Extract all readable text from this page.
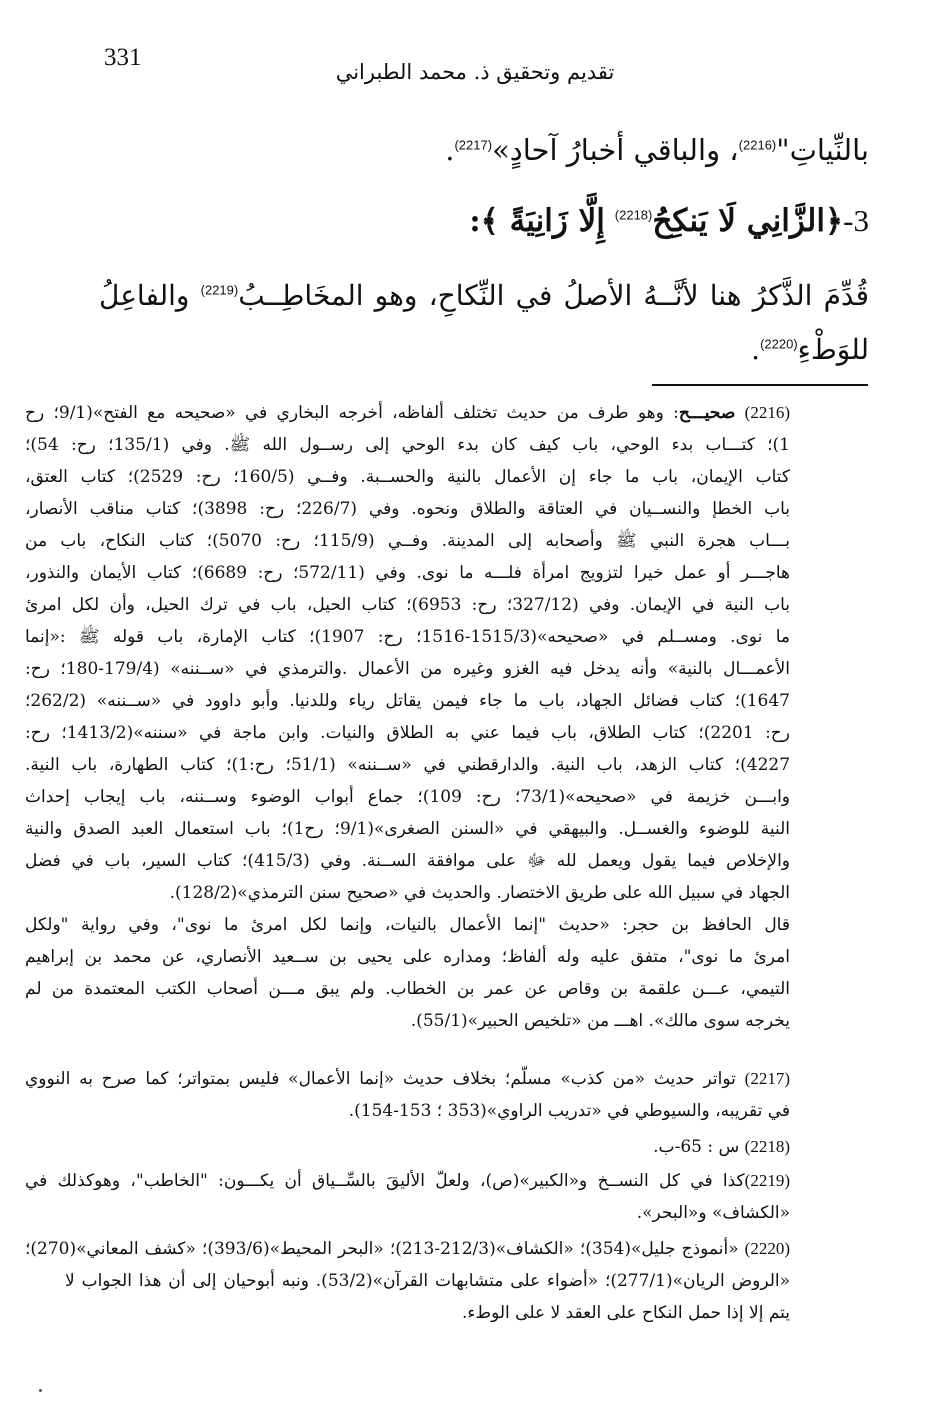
331
تقديم وتحقيق ذ. محمد الطبراني
بالنِّياتِ"$^{(2216)}$، والباقي أخبارُ آحادٍ»$^{(2217)}$.
3-﴿الزَّانِي لَا يَنكِحُ$^{(2218)}$ إِلَّا زَانِيَةً ﴾:
قُدِّمَ الذَّكرُ هنا لأنَّــهُ الأصلُ في النِّكاحِ، وهو المخَاطِــبُ$^{(2219)}$ والفاعِلُ
للوَطْءِ$^{(2220)}$.
(2216) صحيـــح: وهو طرف من حديث تختلف ألفاظه، أخرجه البخاري في «صحيحه مع الفتح»(9/1؛ رح
1)؛ كتـــاب بدء الوحي، باب كيف كان بدء الوحي إلى رســول الله ﷺ. وفي (135/1؛ رح: 54)؛
كتاب الإيمان، باب ما جاء إن الأعمال بالنية والحســبة. وفــي (160/5؛ رح: 2529)؛ كتاب العتق،
باب الخطإ والنســيان في العتاقة والطلاق ونحوه. وفي (226/7؛ رح: 3898)؛ كتاب مناقب الأنصار،
بـــاب هجرة النبي ﷺ وأصحابه إلى المدينة. وفــي (115/9؛ رح: 5070)؛ كتاب النكاح، باب من
هاجـــر أو عمل خيرا لتزويج امرأة فلـــه ما نوى. وفي (572/11؛ رح: 6689)؛ كتاب الأيمان والنذور،
باب النية في الإيمان. وفي (327/12؛ رح: 6953)؛ كتاب الحيل، باب في ترك الحيل، وأن لكل امرئ
ما نوى. ومســلم في «صحيحه»(1515/3-1516؛ رح: 1907)؛ كتاب الإمارة، باب قوله ﷺ :«إنما
الأعمـــال بالنية» وأنه يدخل فيه الغزو وغيره من الأعمال .والترمذي في «ســننه» (179/4-180؛ رح:
1647)؛ كتاب فضائل الجهاد، باب ما جاء فيمن يقاتل رياء وللدنيا. وأبو داوود في «ســننه» (262/2؛
رح: 2201)؛ كتاب الطلاق، باب فيما عني به الطلاق والنيات. وابن ماجة في «سننه»(1413/2؛ رح:
4227)؛ كتاب الزهد، باب النية. والدارقطني في «ســننه» (51/1؛ رح:1)؛ كتاب الطهارة، باب النية.
وابـــن خزيمة في «صحيحه»(73/1؛ رح: 109)؛ جماع أبواب الوضوء وســننه، باب إيجاب إحداث
النية للوضوء والغســل. والبيهقي في «السنن الصغرى»(9/1؛ رح1)؛ باب استعمال العبد الصدق والنية
والإخلاص فيما يقول ويعمل لله ﷻ على موافقة الســنة. وفي (415/3)؛ كتاب السير، باب في فضل
الجهاد في سبيل الله على طريق الاختصار. والحديث في «صحيح سنن الترمذي»(128/2).
قال الحافظ بن حجر: «حديث "إنما الأعمال بالنيات، وإنما لكل امرئ ما نوى"، وفي رواية "ولكل
امرئ ما نوى"، متفق عليه وله ألفاظ؛ ومداره على يحيى بن ســعيد الأنصاري، عن محمد بن إبراهيم
التيمي، عـــن علقمة بن وقاص عن عمر بن الخطاب. ولم يبق مـــن أصحاب الكتب المعتمدة من لم
يخرجه سوى مالك». اهـــ من «تلخيص الحبير»(55/1).
(2217) تواتر حديث «من كذب» مسلّم؛ بخلاف حديث «إنما الأعمال» فليس بمتواتر؛ كما صرح به النووي
في تقريبه، والسيوطي في «تدريب الراوي»(353 ؛ 153-154).
(2218) س : 65-ب.
(2219)كذا في كل النســخ و«الكبير»(ص)، ولعلّ الأليقَ بالسِّــياق أن يكـــون: "الخاطب"، وهوكذلك في
«الكشاف» و«البحر».
(2220) «أنموذج جليل»(354)؛ «الكشاف»(212/3-213)؛ «البحر المحيط»(393/6)؛ «كشف المعاني»(270)؛
«الروض الريان»(277/1)؛ «أضواء على متشابهات القرآن»(53/2). ونبه أبوحيان إلى أن هذا الجواب لا
يتم إلا إذا حمل النكاح على العقد لا على الوطء.
